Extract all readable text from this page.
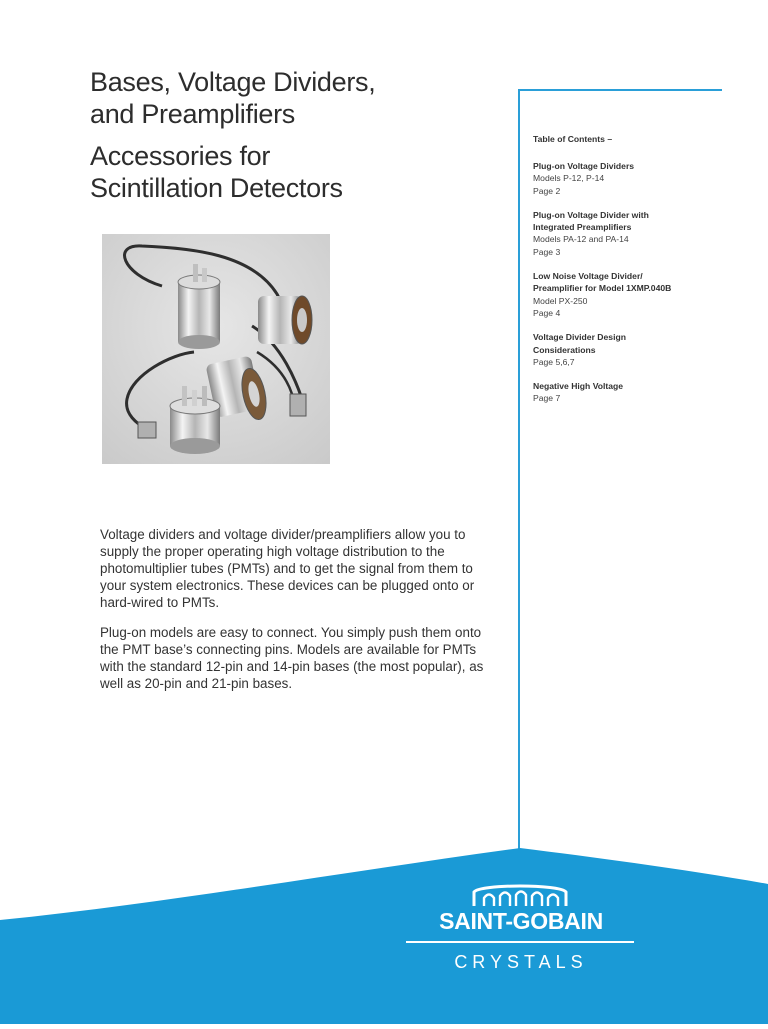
Bases, Voltage Dividers,
and Preamplifiers
Accessories for
Scintillation Detectors

Voltage dividers and voltage divider/preamplifiers allow you to supply the proper operating high voltage distribution to the photomultiplier tubes (PMTs) and to get the signal from them to your system electronics. These devices can be plugged onto or hard-wired to PMTs.

Plug-on models are easy to connect. You simply push them onto the PMT base’s connecting pins. Models are available for PMTs with the standard 12-pin and 14-pin bases (the most popular), as well as 20-pin and 21-pin bases.

Table of Contents –
Plug-on Voltage Dividers
Models P-12, P-14
Page 2
Plug-on Voltage Divider with
Integrated Preamplifiers
Models PA-12 and PA-14
Page 3
Low Noise Voltage Divider/
Preamplifier for Model 1XMP.040B
Model PX-250
Page 4
Voltage Divider Design
Considerations
Page 5,6,7
Negative High Voltage
Page 7
SAINT-GOBAIN
CRYSTALS
